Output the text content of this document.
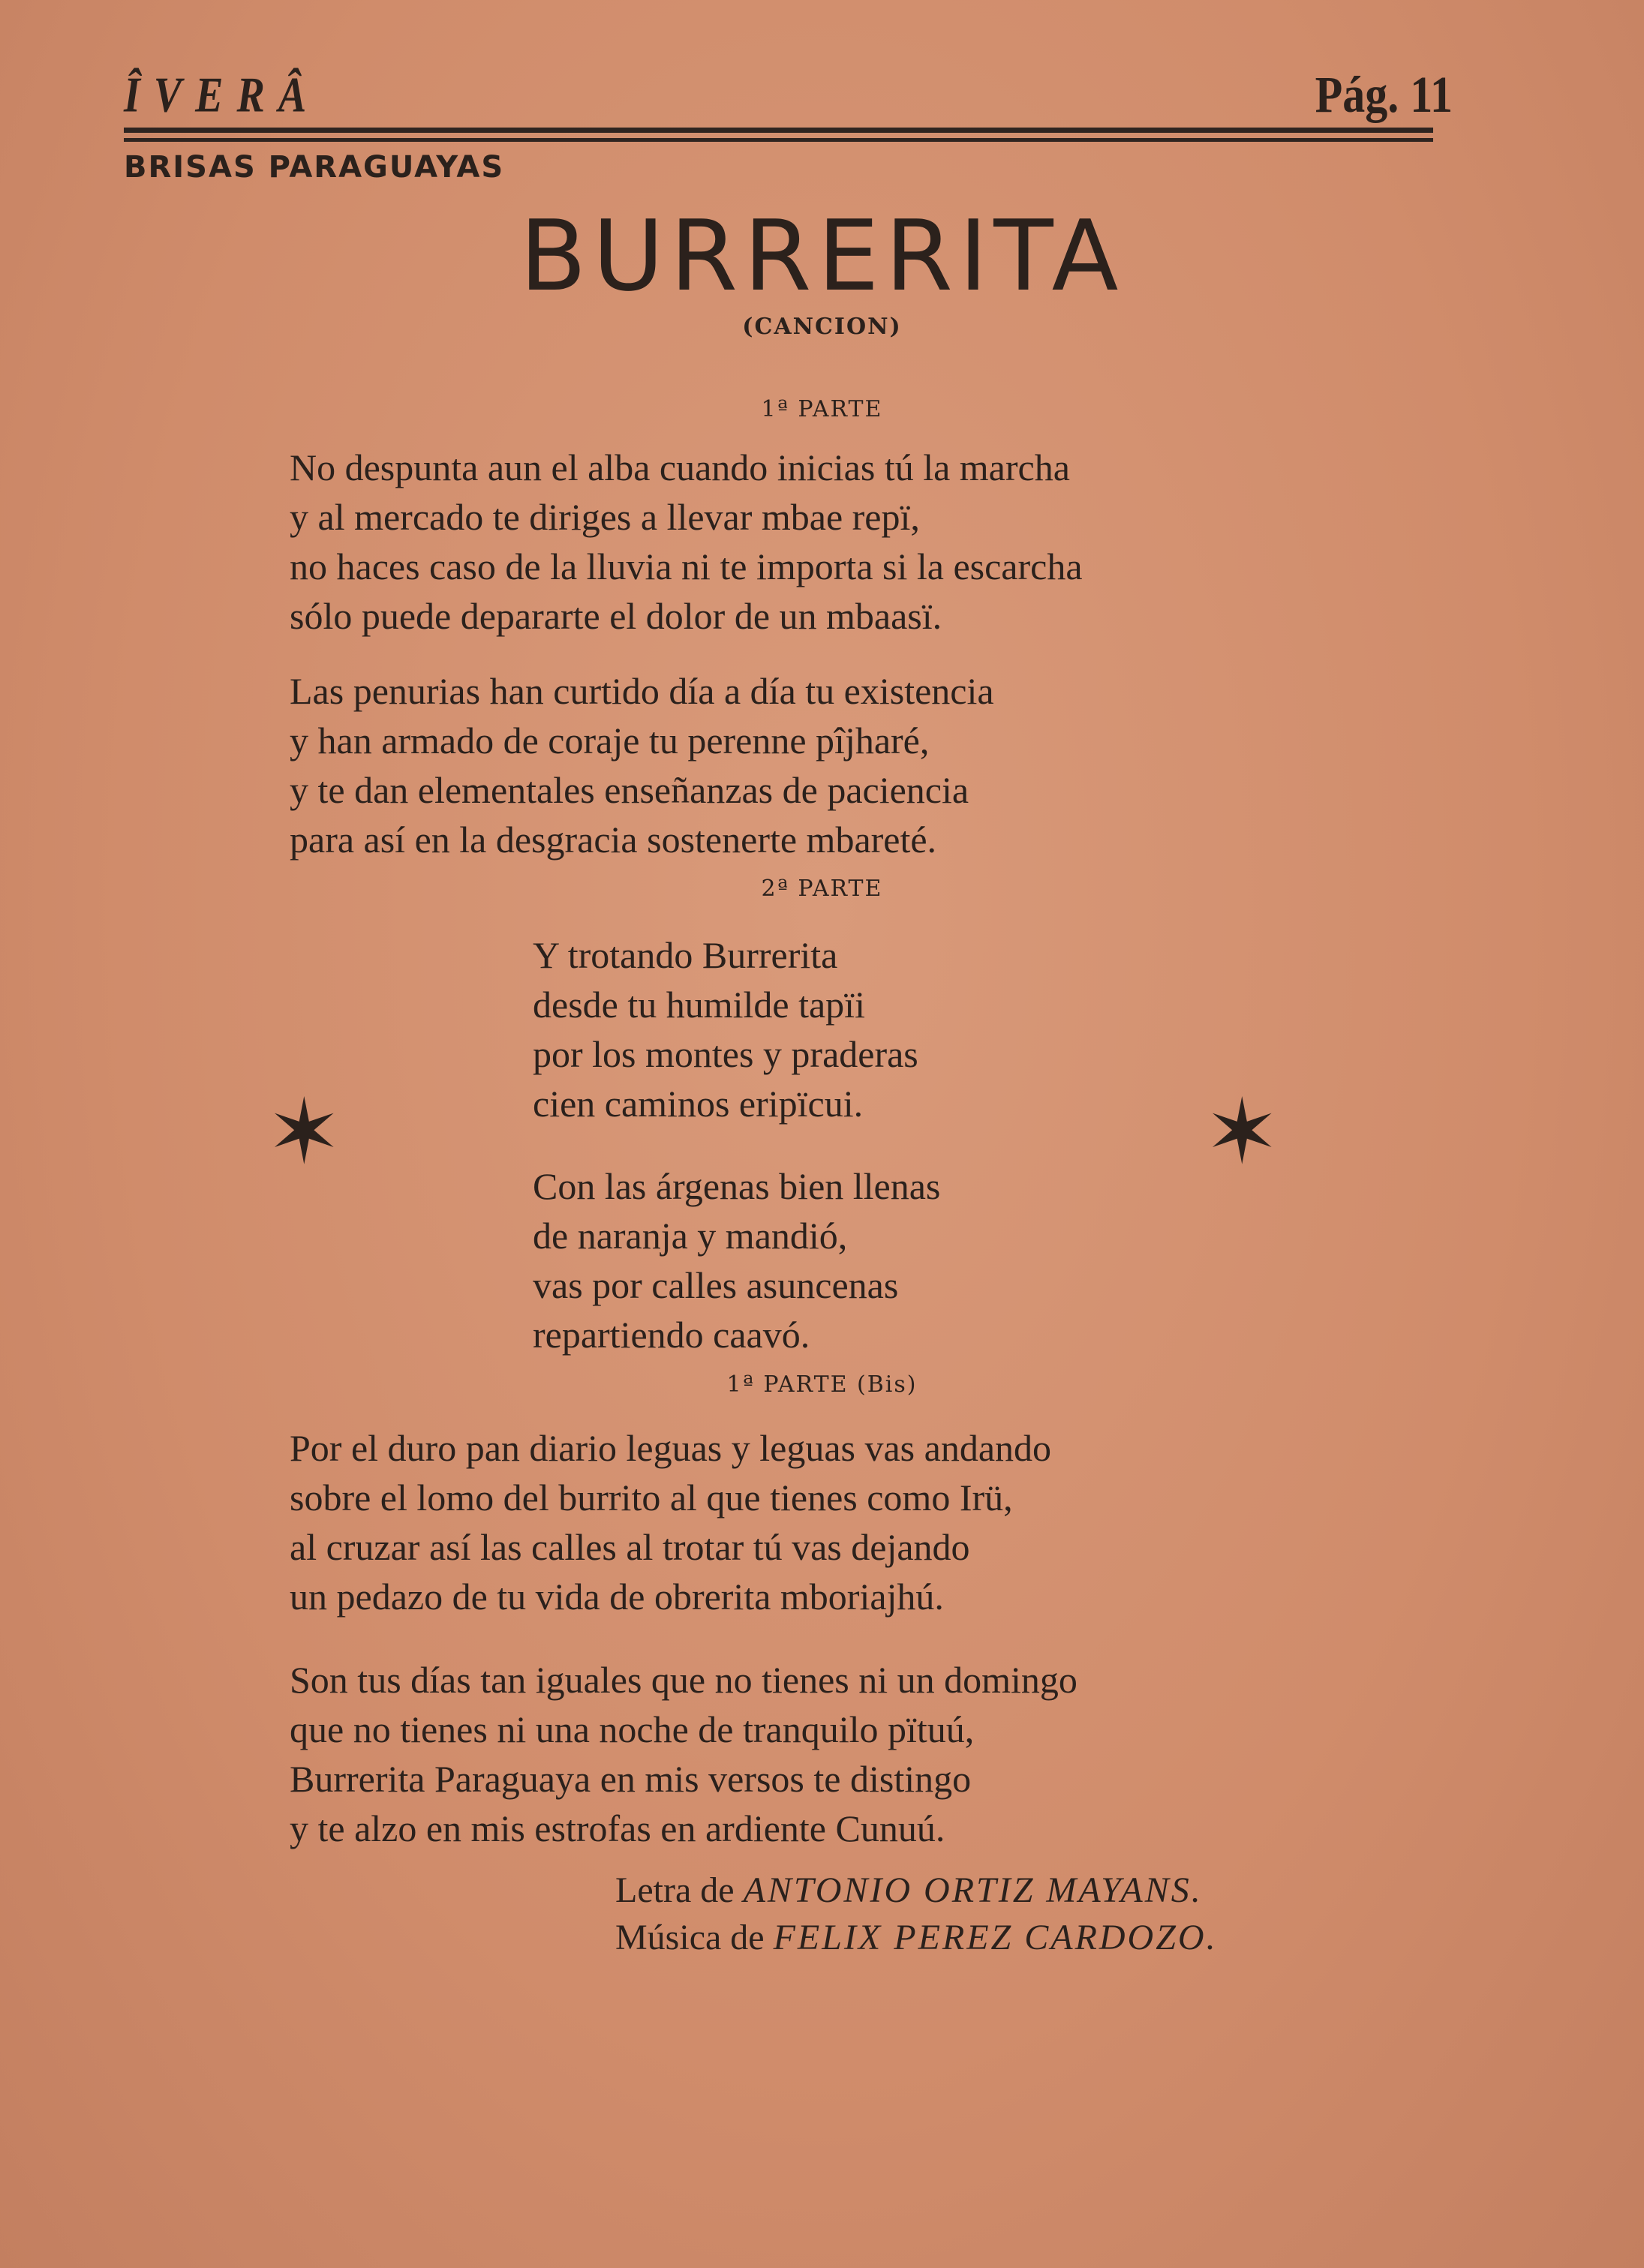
ÎVERÂ	Pág. 11
BRISAS PARAGUAYAS
BURRERITA
(CANCION)
1ª PARTE
No despunta aun el alba cuando inicias tú la marcha
y al mercado te diriges a llevar mbae repï,
no haces caso de la lluvia ni te importa si la escarcha
sólo puede depararte el dolor de un mbaasï.
Las penurias han curtido día a día tu existencia
y han armado de coraje tu perenne pîjharé,
y te dan elementales enseñanzas de paciencia
para así en la desgracia sostenerte mbareté.
2ª PARTE
Y trotando Burrerita
desde tu humilde tapïi
por los montes y praderas
cien caminos eripïcui.
✶	✶
Con las árgenas bien llenas
de naranja y mandió,
vas por calles asuncenas
repartiendo caavó.
1ª PARTE (Bis)
Por el duro pan diario leguas y leguas vas andando
sobre el lomo del burrito al que tienes como Irü,
al cruzar así las calles al trotar tú vas dejando
un pedazo de tu vida de obrerita mboriajhú.
Son tus días tan iguales que no tienes ni un domingo
que no tienes ni una noche de tranquilo pïtuú,
Burrerita Paraguaya en mis versos te distingo
y te alzo en mis estrofas en ardiente Cunuú.
Letra de ANTONIO ORTIZ MAYANS.
Música de FELIX PEREZ CARDOZO.
